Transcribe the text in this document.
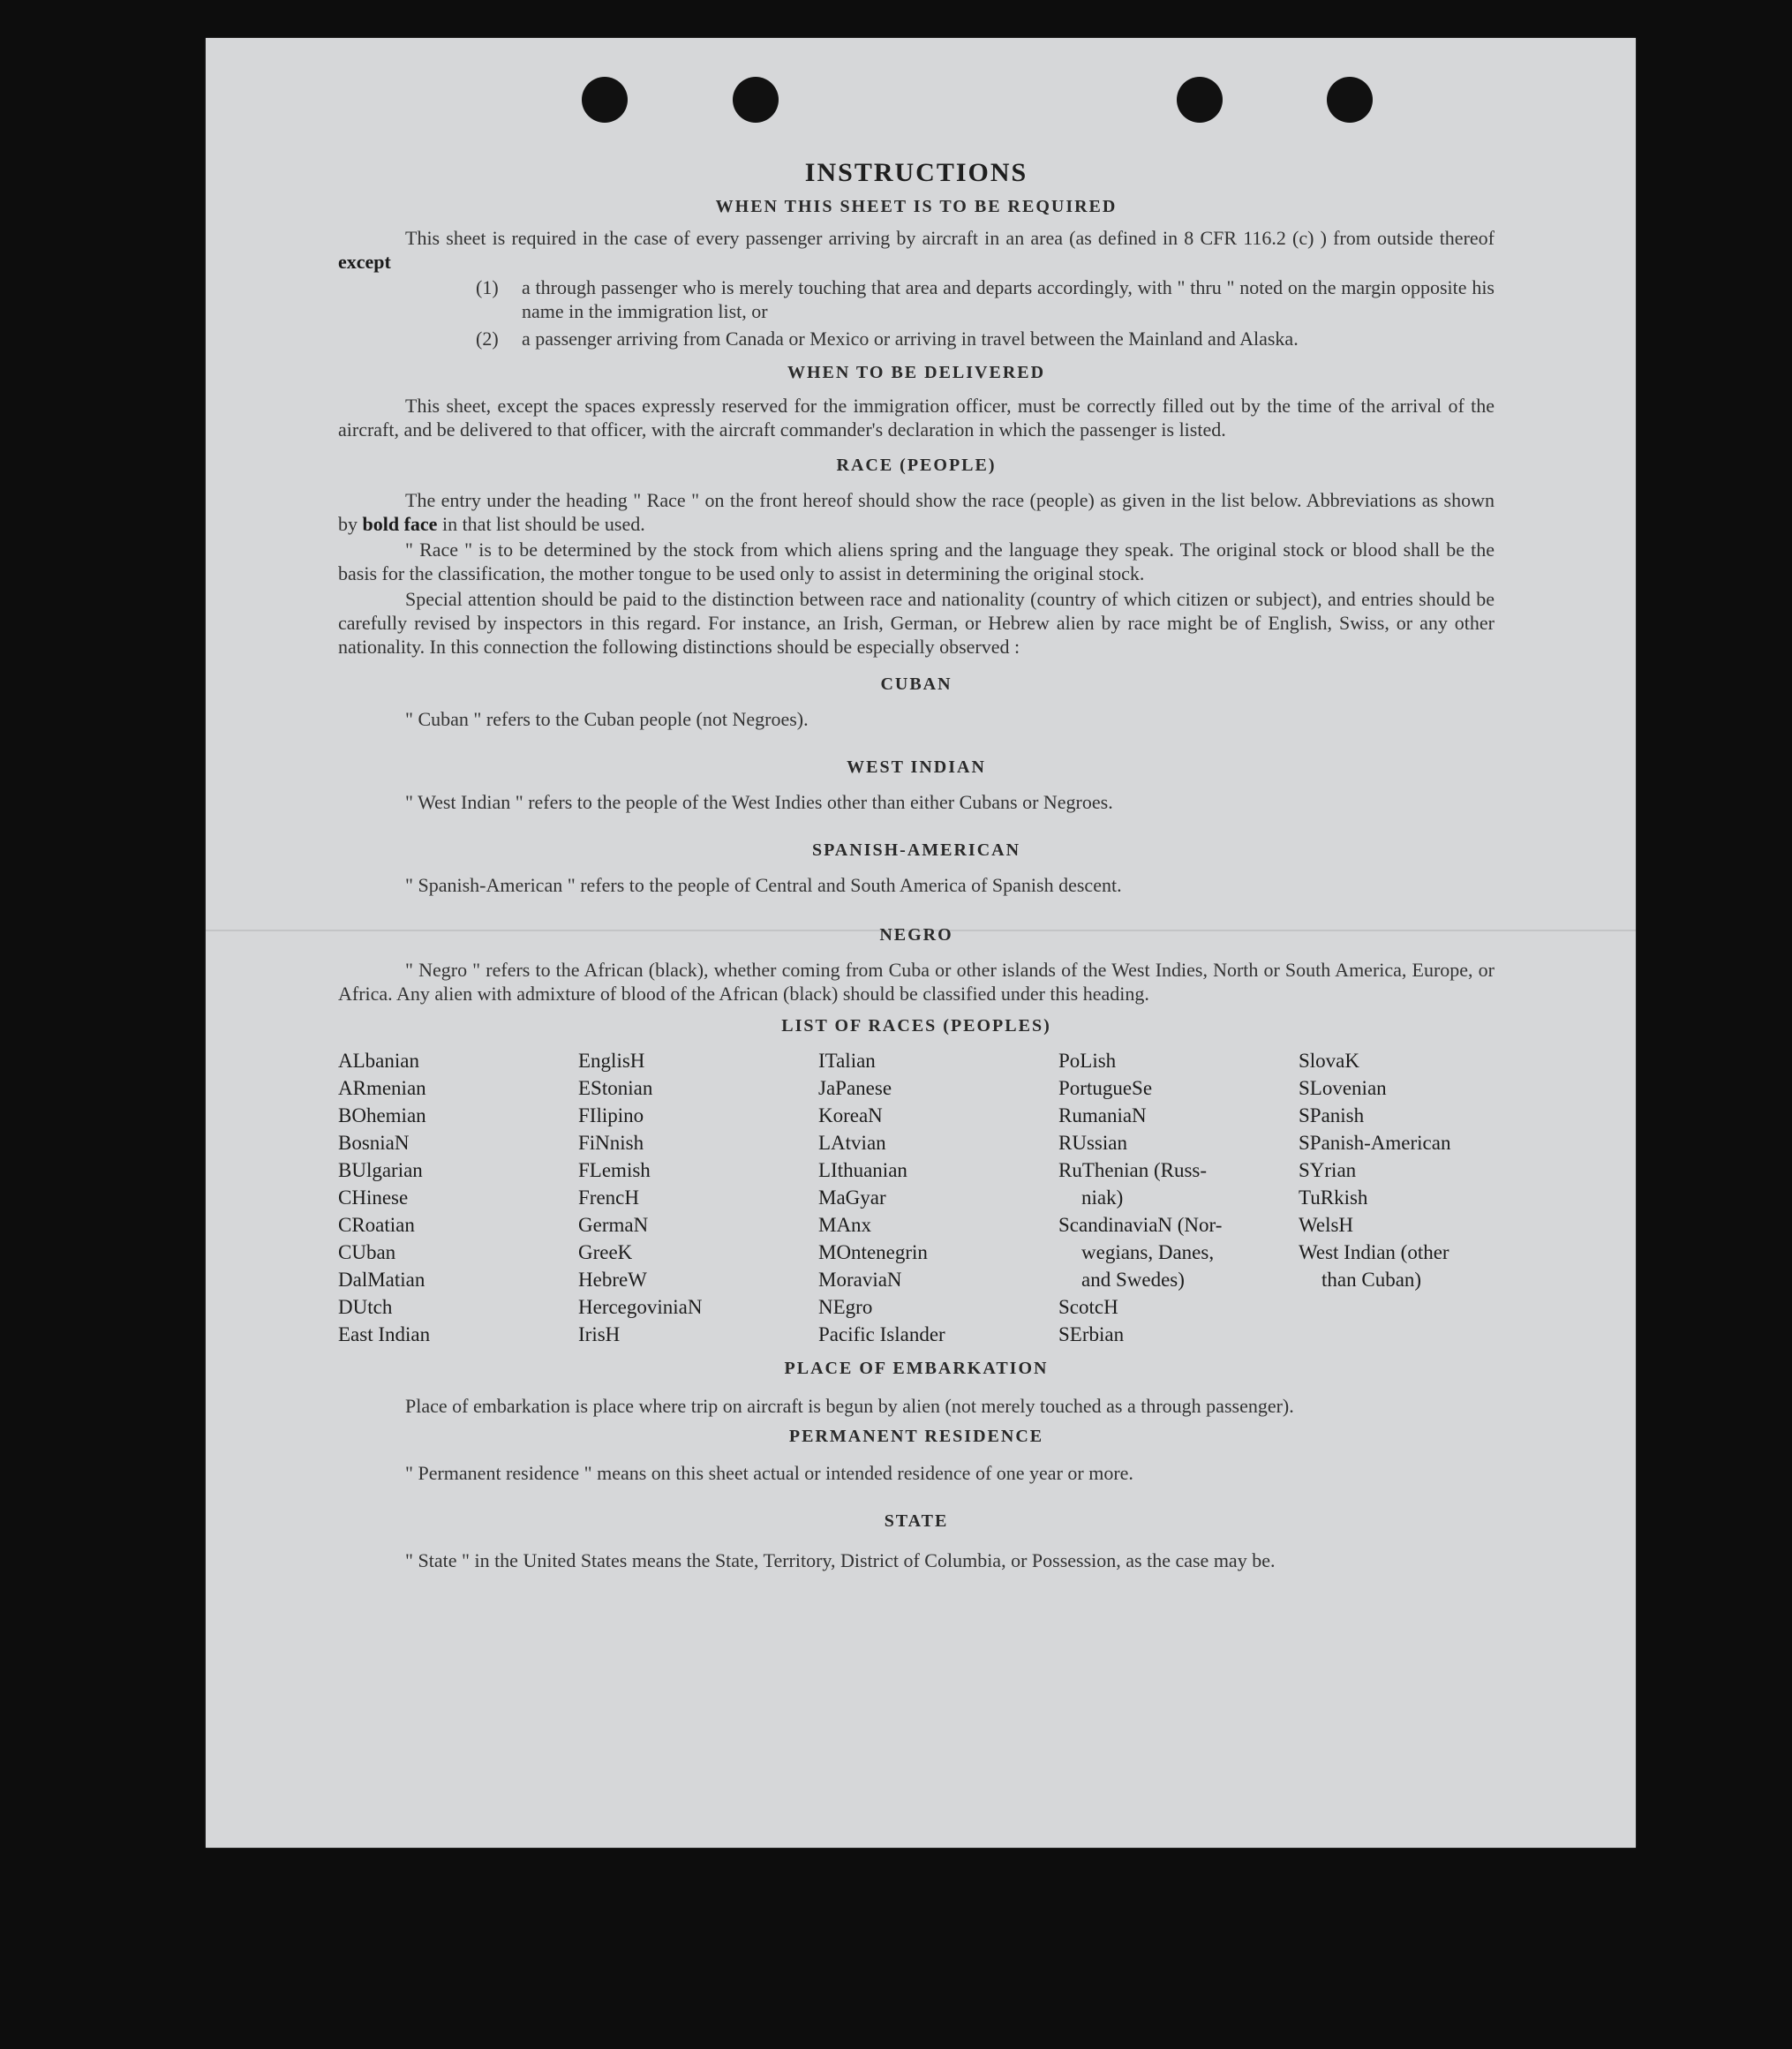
INSTRUCTIONS
WHEN THIS SHEET IS TO BE REQUIRED

This sheet is required in the case of every passenger arriving by aircraft in an area (as defined in 8 CFR 116.2 (c) ) from outside thereof except

(1)	a through passenger who is merely touching that area and departs accordingly, with " thru " noted on the margin opposite his name in the immigration list, or
(2)	a passenger arriving from Canada or Mexico or arriving in travel between the Mainland and Alaska.
WHEN TO BE DELIVERED

This sheet, except the spaces expressly reserved for the immigration officer, must be correctly filled out by the time of the arrival of the aircraft, and be delivered to that officer, with the aircraft commander's declaration in which the passenger is listed.

RACE (PEOPLE)

The entry under the heading " Race " on the front hereof should show the race (people) as given in the list below. Abbreviations as shown by bold face in that list should be used.

" Race " is to be determined by the stock from which aliens spring and the language they speak. The original stock or blood shall be the basis for the classification, the mother tongue to be used only to assist in determining the original stock.

Special attention should be paid to the distinction between race and nationality (country of which citizen or subject), and entries should be carefully revised by inspectors in this regard. For instance, an Irish, German, or Hebrew alien by race might be of English, Swiss, or any other nationality. In this connection the following distinctions should be especially observed :

CUBAN

" Cuban " refers to the Cuban people (not Negroes).

WEST INDIAN

" West Indian " refers to the people of the West Indies other than either Cubans or Negroes.

SPANISH-AMERICAN

" Spanish-American " refers to the people of Central and South America of Spanish descent.

NEGRO

" Negro " refers to the African (black), whether coming from Cuba or other islands of the West Indies, North or South America, Europe, or Africa. Any alien with admixture of blood of the African (black) should be classified under this heading.

LIST OF RACES (PEOPLES)
ALbanian
ARmenian
BOhemian
BosniaN
BUlgarian
CHinese
CRoatian
CUban
DalMatian
DUtch
East Indian
EnglisH
EStonian
FIlipino
FiNnish
FLemish
FrencH
GermaN
GreeK
HebreW
HercegoviniaN
IrisH
ITalian
JaPanese
KoreaN
LAtvian
LIthuanian
MaGyar
MAnx
MOntenegrin
MoraviaN
NEgro
Pacific Islander
PoLish
PortugueSe
RumaniaN
RUssian
RuThenian (Russ-
niak)
ScandinaviaN (Nor-
wegians, Danes,
and Swedes)
ScotcH
SErbian
SlovaK
SLovenian
SPanish
SPanish-American
SYrian
TuRkish
WelsH
West Indian (other
than Cuban)
PLACE OF EMBARKATION

Place of embarkation is place where trip on aircraft is begun by alien (not merely touched as a through passenger).

PERMANENT RESIDENCE

" Permanent residence " means on this sheet actual or intended residence of one year or more.

STATE

" State " in the United States means the State, Territory, District of Columbia, or Possession, as the case may be.
